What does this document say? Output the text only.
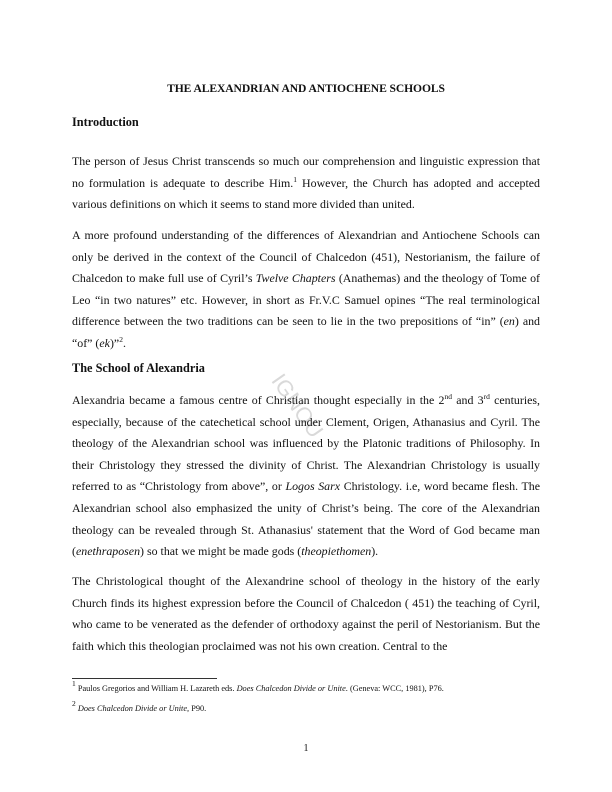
IGNOU
THE ALEXANDRIAN AND ANTIOCHENE SCHOOLS
Introduction
The person of Jesus Christ transcends so much our comprehension and linguistic expression that no formulation is adequate to describe Him.$^1$ However, the Church has adopted and accepted various definitions on which it seems to stand more divided than united.
A more profound understanding of the differences of Alexandrian and Antiochene Schools can only be derived in the context of the Council of Chalcedon (451), Nestorianism, the failure of Chalcedon to make full use of Cyril’s Twelve Chapters (Anathemas) and the theology of Tome of Leo “in two natures” etc. However, in short as Fr.V.C Samuel opines “The real terminological difference between the two traditions can be seen to lie in the two prepositions of “in” (en) and “of” (ek)”$^2$.
The School of Alexandria
Alexandria became a famous centre of Christian thought especially in the 2nd and 3rd centuries, especially, because of the catechetical school under Clement, Origen, Athanasius and Cyril. The theology of the Alexandrian school was influenced by the Platonic traditions of Philosophy. In their Christology they stressed the divinity of Christ. The Alexandrian Christology is usually referred to as “Christology from above”, or Logos Sarx Christology. i.e, word became flesh. The Alexandrian school also emphasized the unity of Christ’s being. The core of the Alexandrian theology can be revealed through St. Athanasius' statement that the Word of God became man (enethraposen) so that we might be made gods (theopiethomen).
The Christological thought of the Alexandrine school of theology in the history of the early Church finds its highest expression before the Council of Chalcedon ( 451) the teaching of Cyril, who came to be venerated as the defender of orthodoxy against the peril of Nestorianism. But the faith which this theologian proclaimed was not his own creation. Central to the
$^1$ Paulos Gregorios and William H. Lazareth eds. Does Chalcedon Divide or Unite. (Geneva: WCC, 1981), P76.
$^2$ Does Chalcedon Divide or Unite, P90.
1
